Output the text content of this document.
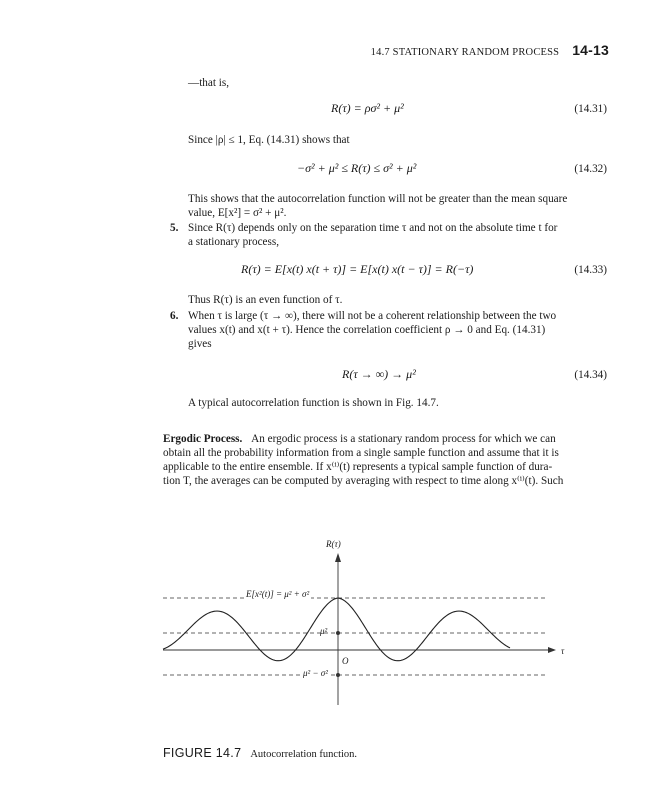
14.7 STATIONARY RANDOM PROCESS 14-13
—that is,
R(τ) = ρσ² + μ²	(14.31)
Since |ρ| ≤ 1, Eq. (14.31) shows that
−σ² + μ² ≤ R(τ) ≤ σ² + μ²	(14.32)
This shows that the autocorrelation function will not be greater than the mean square
value, E[x²] = σ² + μ².
5. Since R(τ) depends only on the separation time τ and not on the absolute time t for
a stationary process,
R(τ) = E[x(t) x(t + τ)] = E[x(t) x(t − τ)] = R(−τ)	(14.33)
Thus R(τ) is an even function of τ.
6. When τ is large (τ → ∞), there will not be a coherent relationship between the two
values x(t) and x(t + τ). Hence the correlation coefficient ρ → 0 and Eq. (14.31)
gives
R(τ → ∞) → μ²	(14.34)
A typical autocorrelation function is shown in Fig. 14.7.
Ergodic Process. An ergodic process is a stationary random process for which we can
obtain all the probability information from a single sample function and assume that it is
applicable to the entire ensemble. If x⁽ⁱ⁾(t) represents a typical sample function of dura-
tion T, the averages can be computed by averaging with respect to time along x⁽ⁱ⁾(t). Such
R(τ)
τ
O
E[x²(t)] = μ² + σ²
μ²
μ² − σ²
FIGURE 14.7 Autocorrelation function.
